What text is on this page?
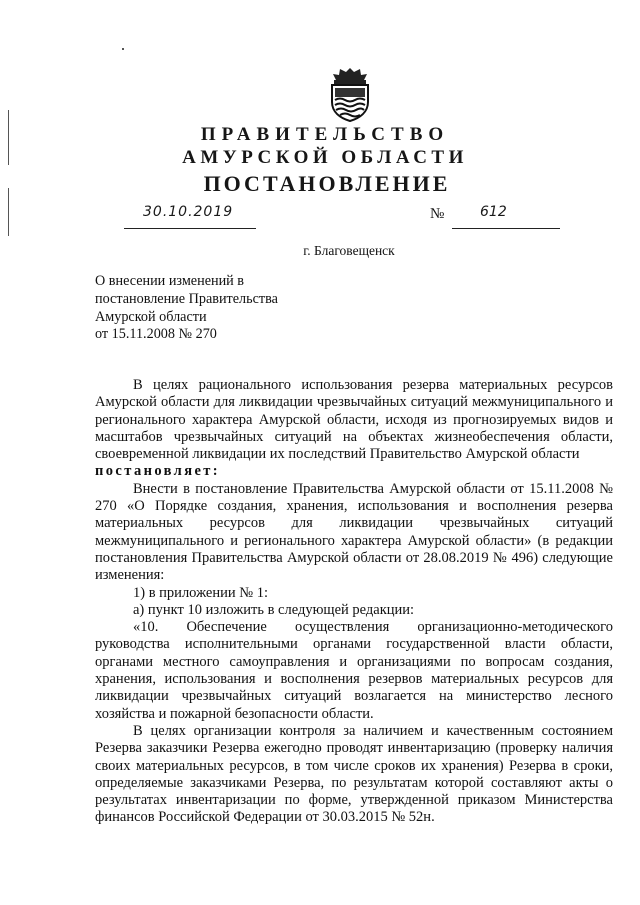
ПРАВИТЕЛЬСТВО
АМУРСКОЙ ОБЛАСТИ
ПОСТАНОВЛЕНИЕ
30.10.2019	№	612
г. Благовещенск
О внесении изменений в
постановление Правительства
Амурской области
от 15.11.2008 № 270

В целях рационального использования резерва материальных ресурсов Амурской области для ликвидации чрезвычайных ситуаций межмуниципального и регионального характера Амурской области, исходя из прогнозируемых видов и масштабов чрезвычайных ситуаций на объектах жизнеобеспечения области, своевременной ликвидации их последствий Правительство Амурской области

постановляет:

Внести в постановление Правительства Амурской области от 15.11.2008 № 270 «О Порядке создания, хранения, использования и восполнения резерва материальных ресурсов для ликвидации чрезвычайных ситуаций межмуниципального и регионального характера Амурской области» (в редакции постановления Правительства Амурской области от 28.08.2019 № 496) следующие изменения:

1) в приложении № 1:

а) пункт 10 изложить в следующей редакции:

«10. Обеспечение осуществления организационно-методического руководства исполнительными органами государственной власти области, органами местного самоуправления и организациями по вопросам создания, хранения, использования и восполнения резервов материальных ресурсов для ликвидации чрезвычайных ситуаций возлагается на министерство лесного хозяйства и пожарной безопасности области.

В целях организации контроля за наличием и качественным состоянием Резерва заказчики Резерва ежегодно проводят инвентаризацию (проверку наличия своих материальных ресурсов, в том числе сроков их хранения) Резерва в сроки, определяемые заказчиками Резерва, по результатам которой составляют акты о результатах инвентаризации по форме, утвержденной приказом Министерства финансов Российской Федерации от 30.03.2015 № 52н.
